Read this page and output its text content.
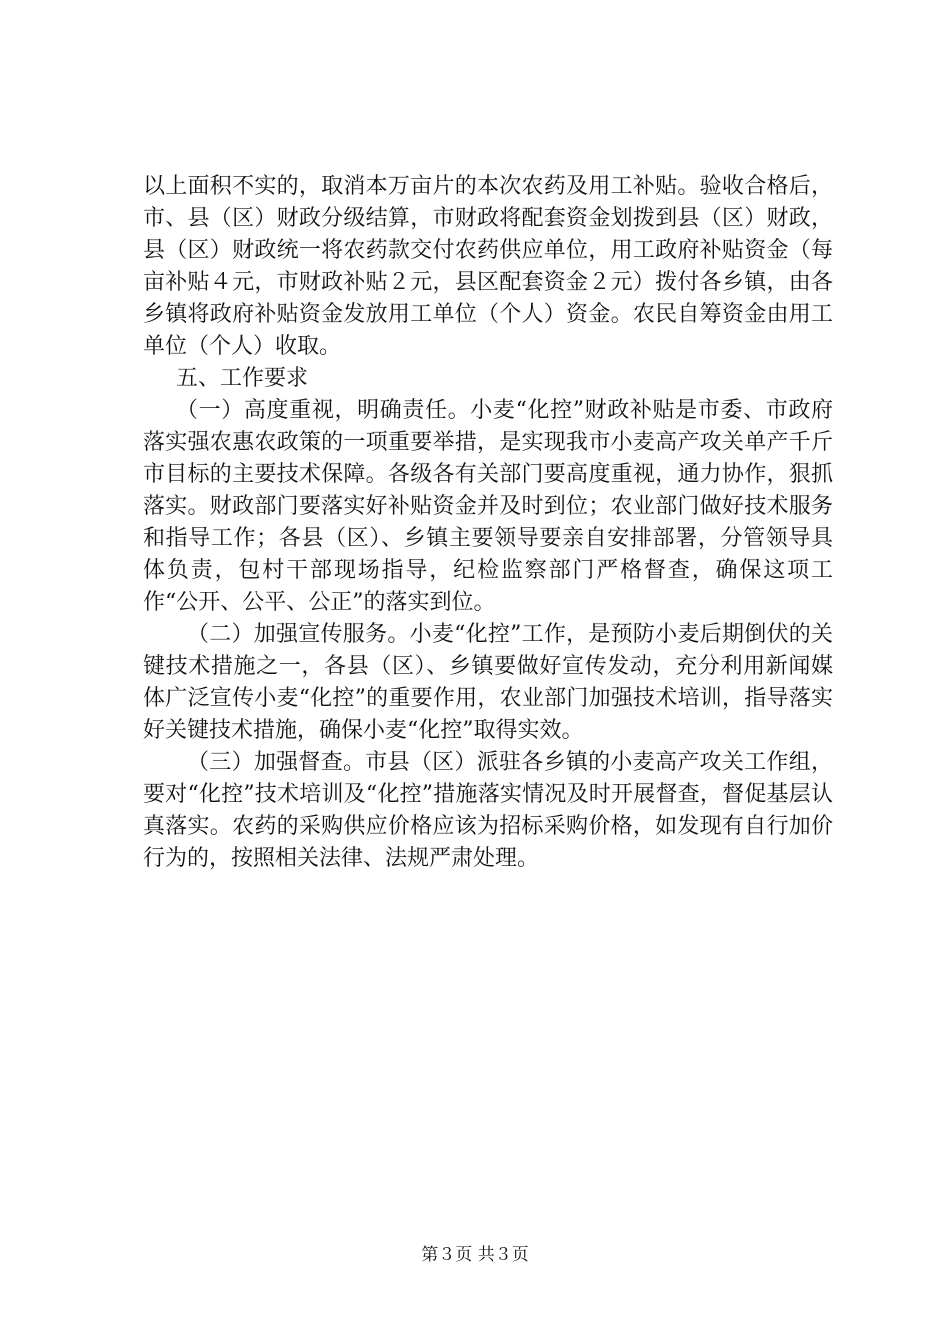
以上面积不实的，取消本万亩片的本次农药及用工补贴。验收合格后，市、县（区）财政分级结算，市财政将配套资金划拨到县（区）财政，县（区）财政统一将农药款交付农药供应单位，用工政府补贴资金（每亩补贴４元，市财政补贴２元，县区配套资金２元）拨付各乡镇，由各乡镇将政府补贴资金发放用工单位（个人）资金。农民自筹资金由用工单位（个人）收取。

五、工作要求

（一）高度重视，明确责任。小麦“化控”财政补贴是市委、市政府落实强农惠农政策的一项重要举措，是实现我市小麦高产攻关单产千斤市目标的主要技术保障。各级各有关部门要高度重视，通力协作，狠抓落实。财政部门要落实好补贴资金并及时到位；农业部门做好技术服务和指导工作；各县（区）、乡镇主要领导要亲自安排部署，分管领导具体负责，包村干部现场指导，纪检监察部门严格督查，确保这项工作“公开、公平、公正”的落实到位。

（二）加强宣传服务。小麦“化控”工作，是预防小麦后期倒伏的关键技术措施之一，各县（区）、乡镇要做好宣传发动，充分利用新闻媒体广泛宣传小麦“化控”的重要作用，农业部门加强技术培训，指导落实好关键技术措施，确保小麦“化控”取得实效。

（三）加强督查。市县（区）派驻各乡镇的小麦高产攻关工作组，要对“化控”技术培训及“化控”措施落实情况及时开展督查，督促基层认真落实。农药的采购供应价格应该为招标采购价格，如发现有自行加价行为的，按照相关法律、法规严肃处理。

第３页 共３页
